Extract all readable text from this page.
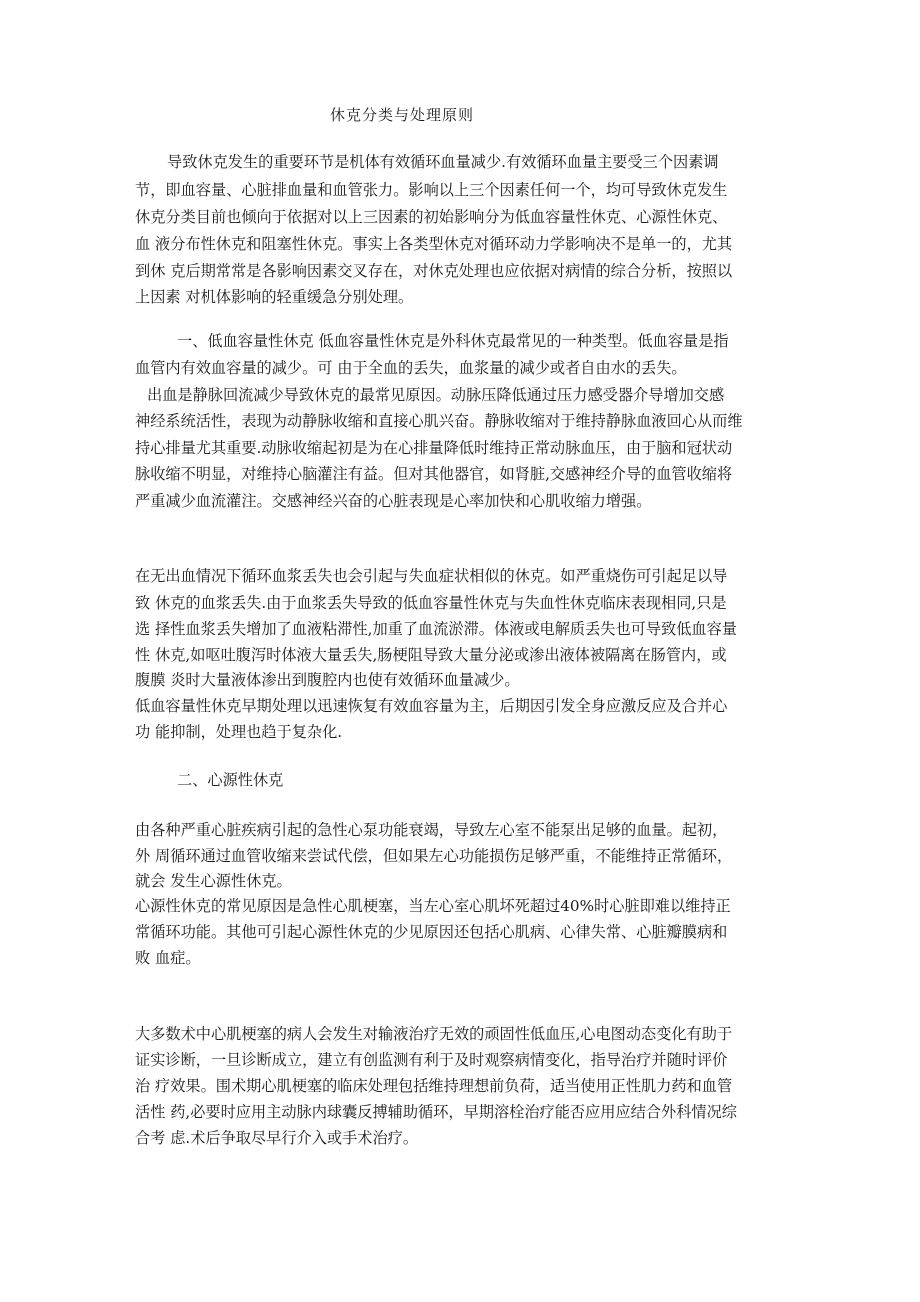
休克分类与处理原则
导致休克发生的重要环节是机体有效循环血量减少.有效循环血量主要受三个因素调
节，即血容量、心脏排血量和血管张力。影响以上三个因素任何一个，均可导致休克发生
休克分类目前也倾向于依据对以上三因素的初始影响分为低血容量性休克、心源性休克、
血 液分布性休克和阻塞性休克。事实上各类型休克对循环动力学影响决不是单一的，尤其
到休 克后期常常是各影响因素交叉存在，对休克处理也应依据对病情的综合分析，按照以
上因素 对机体影响的轻重缓急分别处理。
一、低血容量性休克 低血容量性休克是外科休克最常见的一种类型。低血容量是指
血管内有效血容量的减少。可 由于全血的丢失，血浆量的减少或者自由水的丢失。
出血是静脉回流减少导致休克的最常见原因。动脉压降低通过压力感受器介导增加交感
神经系统活性，表现为动静脉收缩和直接心肌兴奋。静脉收缩对于维持静脉血液回心从而维
持心排量尤其重要.动脉收缩起初是为在心排量降低时维持正常动脉血压，由于脑和冠状动
脉收缩不明显，对维持心脑灌注有益。但对其他器官，如肾脏,交感神经介导的血管收缩将
严重减少血流灌注。交感神经兴奋的心脏表现是心率加快和心肌收缩力增强。
在无出血情况下循环血浆丢失也会引起与失血症状相似的休克。如严重烧伤可引起足以导
致 休克的血浆丢失.由于血浆丢失导致的低血容量性休克与失血性休克临床表现相同,只是
选 择性血浆丢失增加了血液粘滞性,加重了血流淤滞。体液或电解质丢失也可导致低血容量
性 休克,如呕吐腹泻时体液大量丢失,肠梗阻导致大量分泌或渗出液体被隔离在肠管内，或
腹膜 炎时大量液体渗出到腹腔内也使有效循环血量减少。
低血容量性休克早期处理以迅速恢复有效血容量为主，后期因引发全身应激反应及合并心
功 能抑制，处理也趋于复杂化.
二、心源性休克
由各种严重心脏疾病引起的急性心泵功能衰竭，导致左心室不能泵出足够的血量。起初，
外 周循环通过血管收缩来尝试代偿，但如果左心功能损伤足够严重，不能维持正常循环，
就会 发生心源性休克。
心源性休克的常见原因是急性心肌梗塞，当左心室心肌坏死超过40%时心脏即难以维持正
常循环功能。其他可引起心源性休克的少见原因还包括心肌病、心律失常、心脏瓣膜病和
败 血症。
大多数术中心肌梗塞的病人会发生对输液治疗无效的顽固性低血压,心电图动态变化有助于
证实诊断，一旦诊断成立，建立有创监测有利于及时观察病情变化，指导治疗并随时评价
治 疗效果。围术期心肌梗塞的临床处理包括维持理想前负荷，适当使用正性肌力药和血管
活性 药,必要时应用主动脉内球囊反搏辅助循环，早期溶栓治疗能否应用应结合外科情况综
合考 虑.术后争取尽早行介入或手术治疗。
